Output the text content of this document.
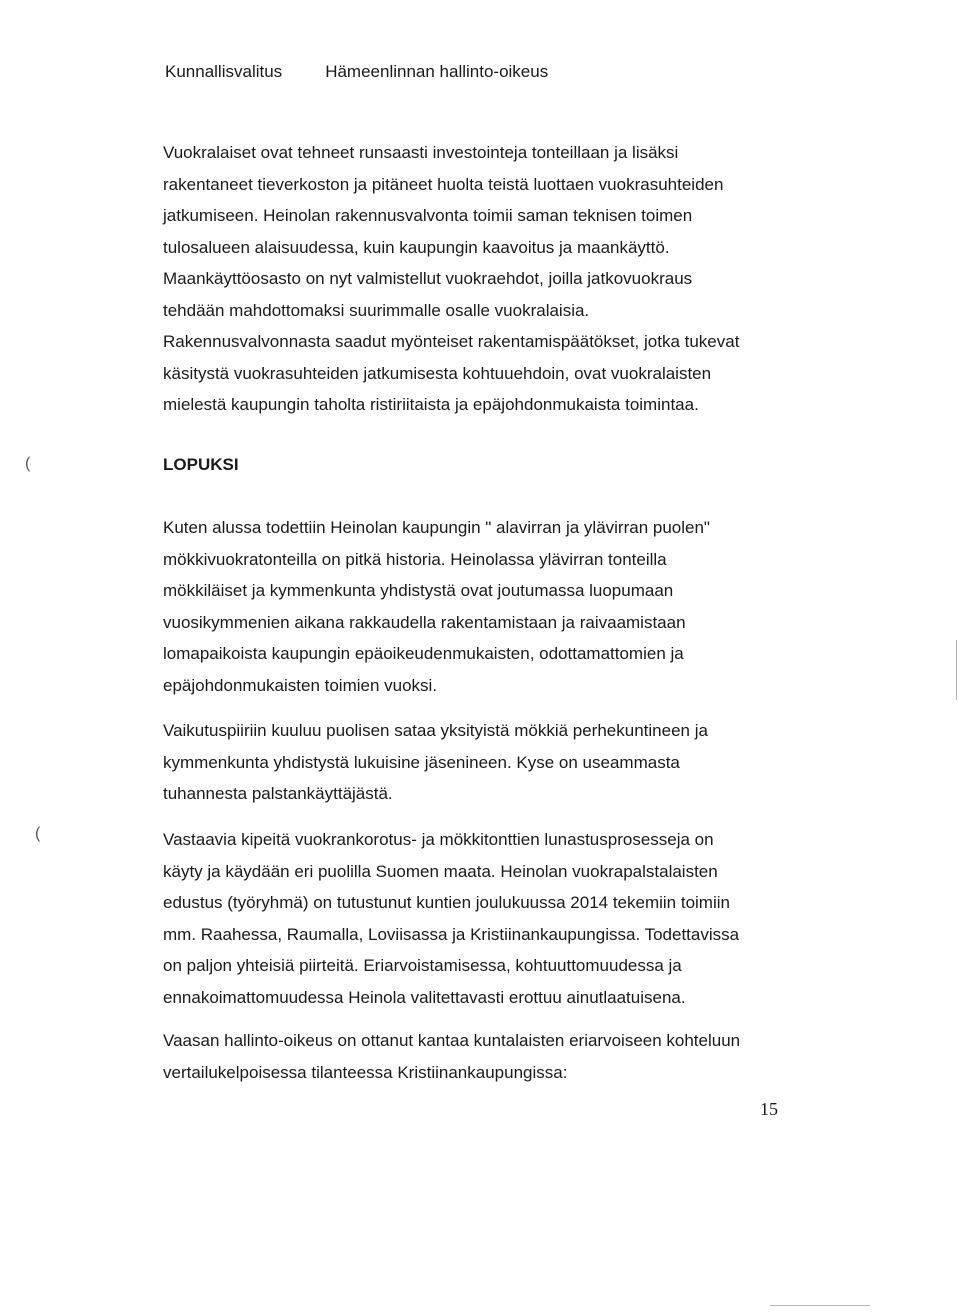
Kunnallisvalitus	Hämeenlinnan hallinto-oikeus

Vuokralaiset ovat tehneet runsaasti investointeja tonteillaan ja lisäksi
rakentaneet tieverkoston ja pitäneet huolta teistä luottaen vuokrasuhteiden
jatkumiseen. Heinolan rakennusvalvonta toimii saman teknisen toimen
tulosalueen alaisuudessa, kuin kaupungin kaavoitus ja maankäyttö.
Maankäyttöosasto on nyt valmistellut vuokraehdot, joilla jatkovuokraus
tehdään mahdottomaksi suurimmalle osalle vuokralaisia.
Rakennusvalvonnasta saadut myönteiset rakentamispäätökset, jotka tukevat
käsitystä vuokrasuhteiden jatkumisesta kohtuuehdoin, ovat vuokralaisten
mielestä kaupungin taholta ristiriitaista ja epäjohdonmukaista toimintaa.

(	LOPUKSI

Kuten alussa todettiin Heinolan kaupungin " alavirran ja ylävirran puolen"
mökkivuokratonteilla on pitkä historia. Heinolassa ylävirran tonteilla
mökkiläiset ja kymmenkunta yhdistystä ovat joutumassa luopumaan
vuosikymmenien aikana rakkaudella rakentamistaan ja raivaamistaan
lomapaikoista kaupungin epäoikeudenmukaisten, odottamattomien ja
epäjohdonmukaisten toimien vuoksi.

Vaikutuspiiriin kuuluu puolisen sataa yksityistä mökkiä perhekuntineen ja
kymmenkunta yhdistystä lukuisine jäsenineen. Kyse on useammasta
tuhannesta palstankäyttäjästä.

(	Vastaavia kipeitä vuokrankorotus- ja mökkitonttien lunastusprosesseja on
käyty ja käydään eri puolilla Suomen maata. Heinolan vuokrapalstalaisten
edustus (työryhmä) on tutustunut kuntien joulukuussa 2014 tekemiin toimiin
mm. Raahessa, Raumalla, Loviisassa ja Kristiinankaupungissa. Todettavissa
on paljon yhteisiä piirteitä. Eriarvoistamisessa, kohtuuttomuudessa ja
ennakoimattomuudessa Heinola valitettavasti erottuu ainutlaatuisena.

Vaasan hallinto-oikeus on ottanut kantaa kuntalaisten eriarvoiseen kohteluun
vertailukelpoisessa tilanteessa Kristiinankaupungissa:

15
